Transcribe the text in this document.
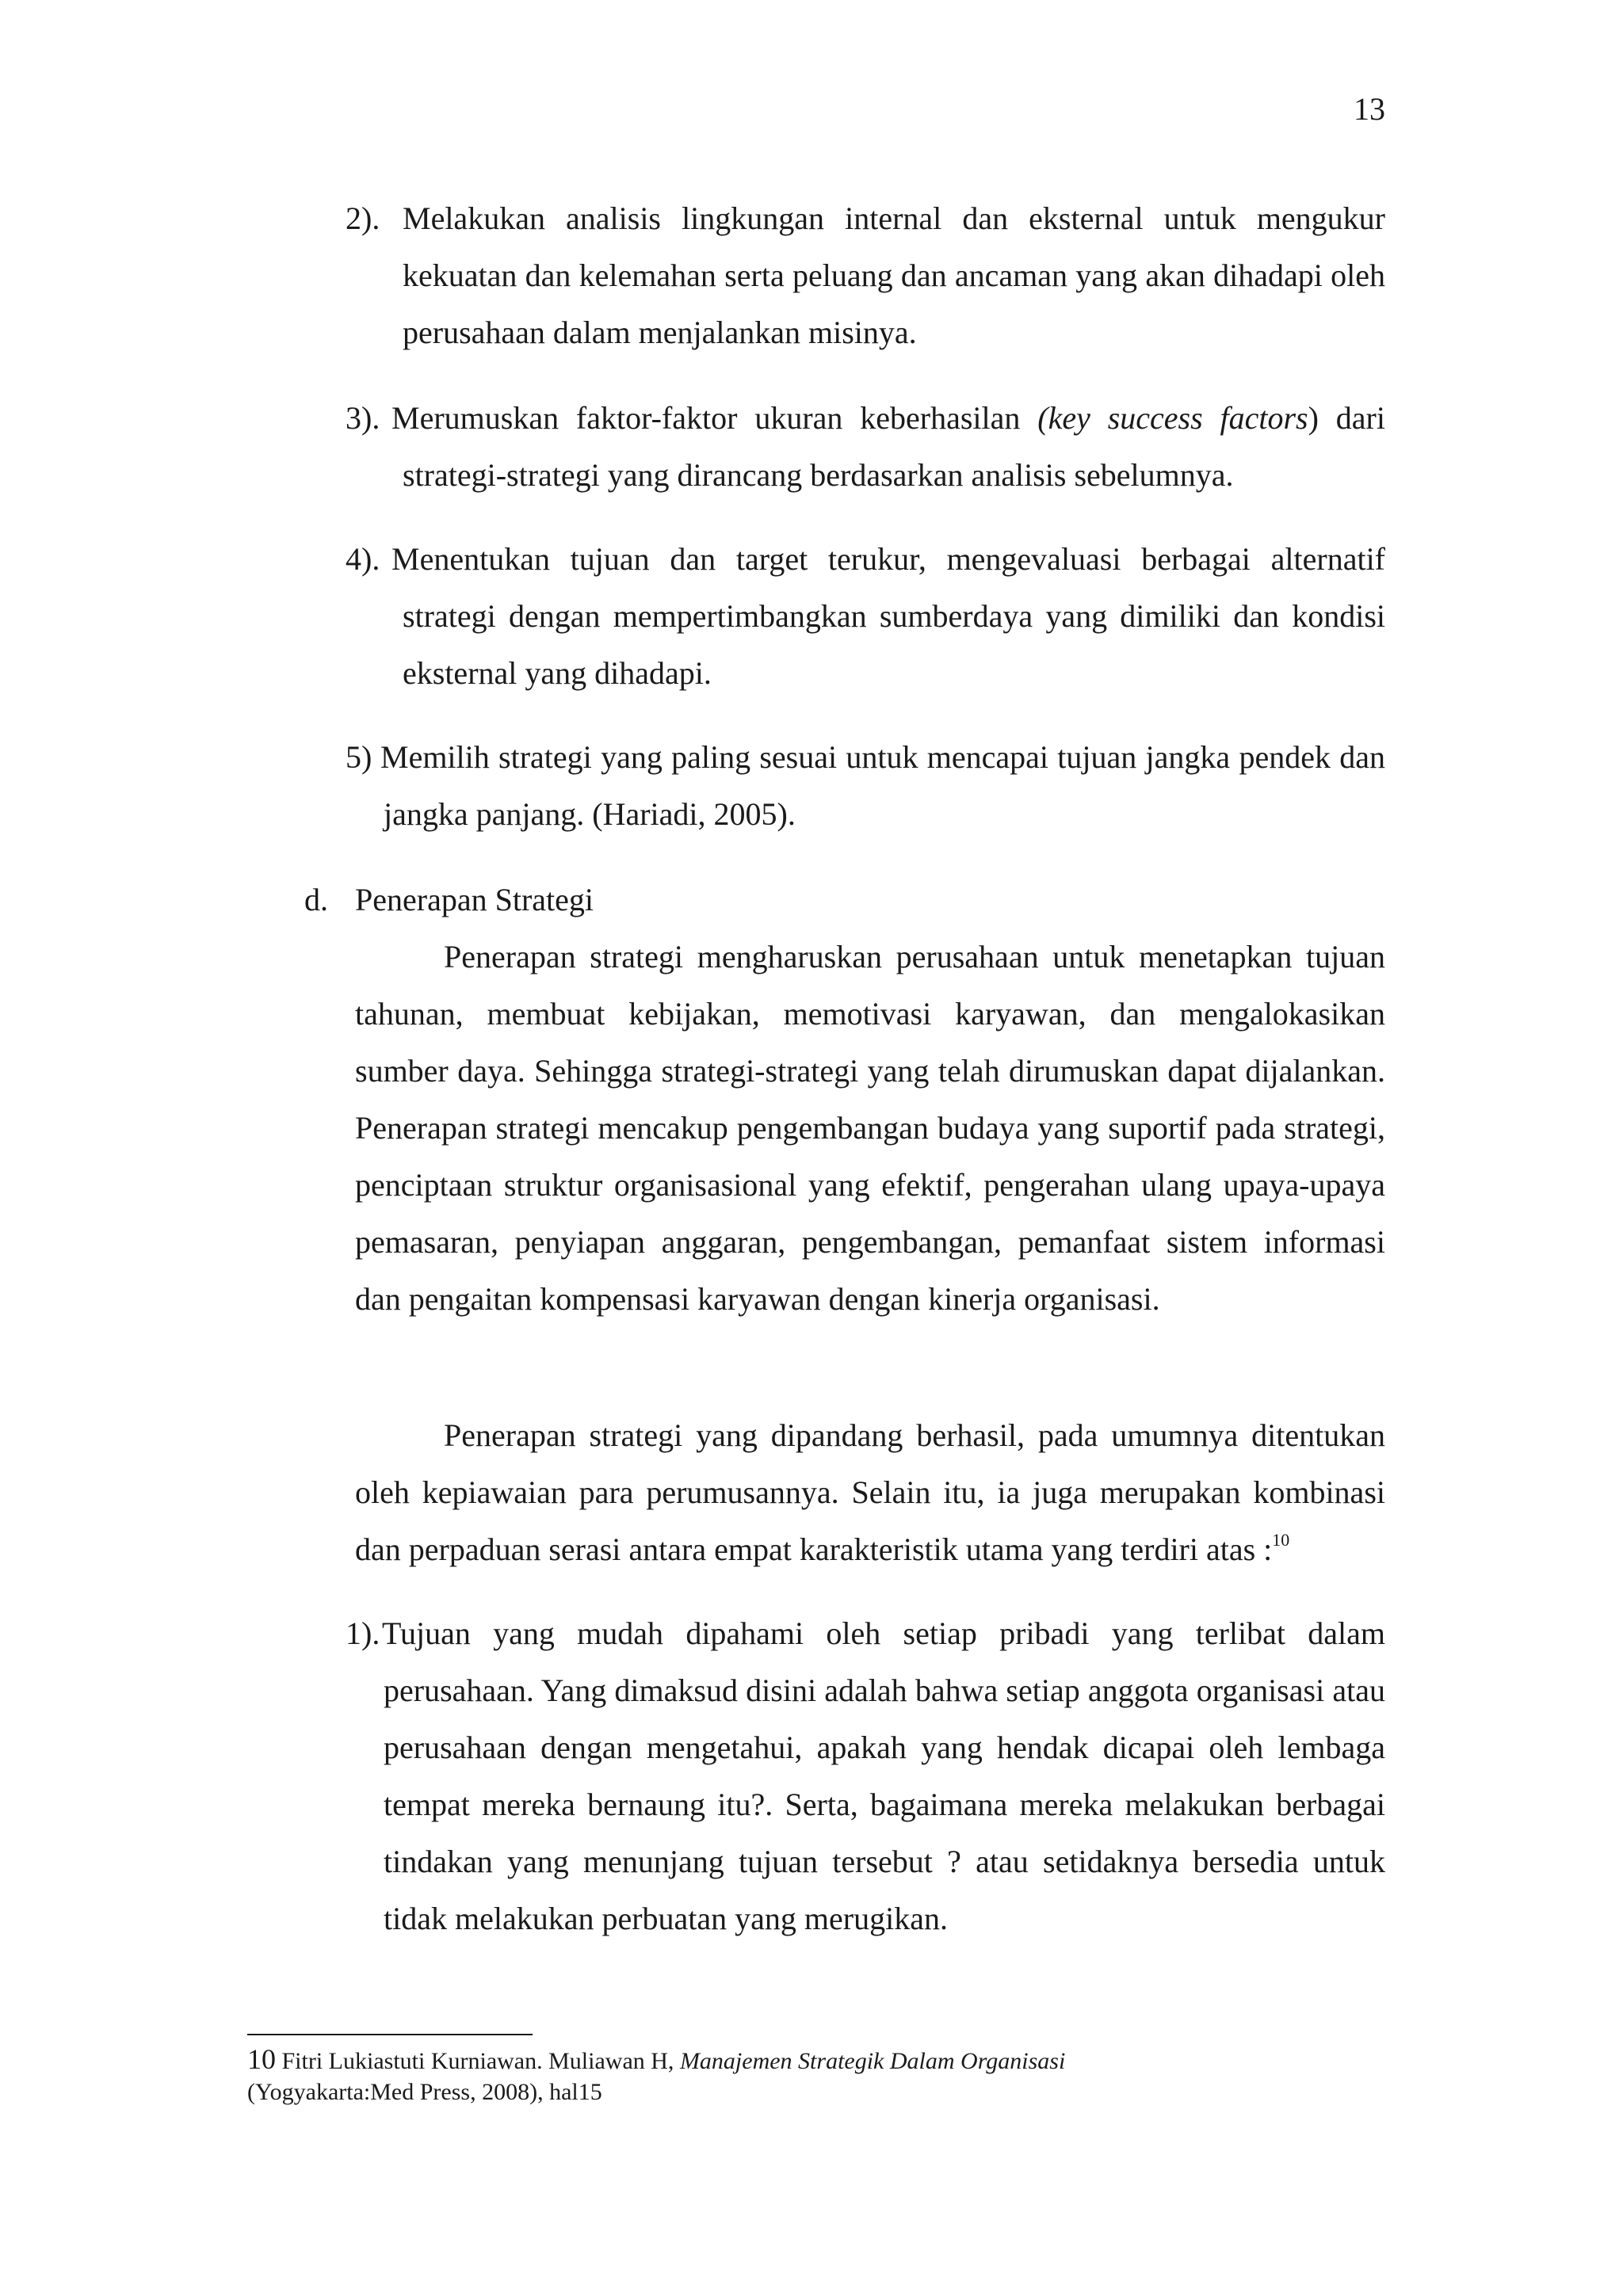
13
2). Melakukan analisis lingkungan internal dan eksternal untuk mengukur kekuatan dan kelemahan serta peluang dan ancaman yang akan dihadapi oleh perusahaan dalam menjalankan misinya.
3). Merumuskan faktor-faktor ukuran keberhasilan (key success factors) dari strategi-strategi yang dirancang berdasarkan analisis sebelumnya.
4). Menentukan tujuan dan target terukur, mengevaluasi berbagai alternatif strategi dengan mempertimbangkan sumberdaya yang dimiliki dan kondisi eksternal yang dihadapi.
5) Memilih strategi yang paling sesuai untuk mencapai tujuan jangka pendek dan jangka panjang. (Hariadi, 2005).
d. Penerapan Strategi
Penerapan strategi mengharuskan perusahaan untuk menetapkan tujuan tahunan, membuat kebijakan, memotivasi karyawan, dan mengalokasikan sumber daya. Sehingga strategi-strategi yang telah dirumuskan dapat dijalankan. Penerapan strategi mencakup pengembangan budaya yang suportif pada strategi, penciptaan struktur organisasional yang efektif, pengerahan ulang upaya-upaya pemasaran, penyiapan anggaran, pengembangan, pemanfaat sistem informasi dan pengaitan kompensasi karyawan dengan kinerja organisasi.
Penerapan strategi yang dipandang berhasil, pada umumnya ditentukan oleh kepiawaian para perumusannya. Selain itu, ia juga merupakan kombinasi dan perpaduan serasi antara empat karakteristik utama yang terdiri atas :$^{10}$
1).Tujuan yang mudah dipahami oleh setiap pribadi yang terlibat dalam perusahaan. Yang dimaksud disini adalah bahwa setiap anggota organisasi atau perusahaan dengan mengetahui, apakah yang hendak dicapai oleh lembaga tempat mereka bernaung itu?. Serta, bagaimana mereka melakukan berbagai tindakan yang menunjang tujuan tersebut ? atau setidaknya bersedia untuk tidak melakukan perbuatan yang merugikan.
10 Fitri Lukiastuti Kurniawan. Muliawan H, Manajemen Strategik Dalam Organisasi
(Yogyakarta:Med Press, 2008), hal15
